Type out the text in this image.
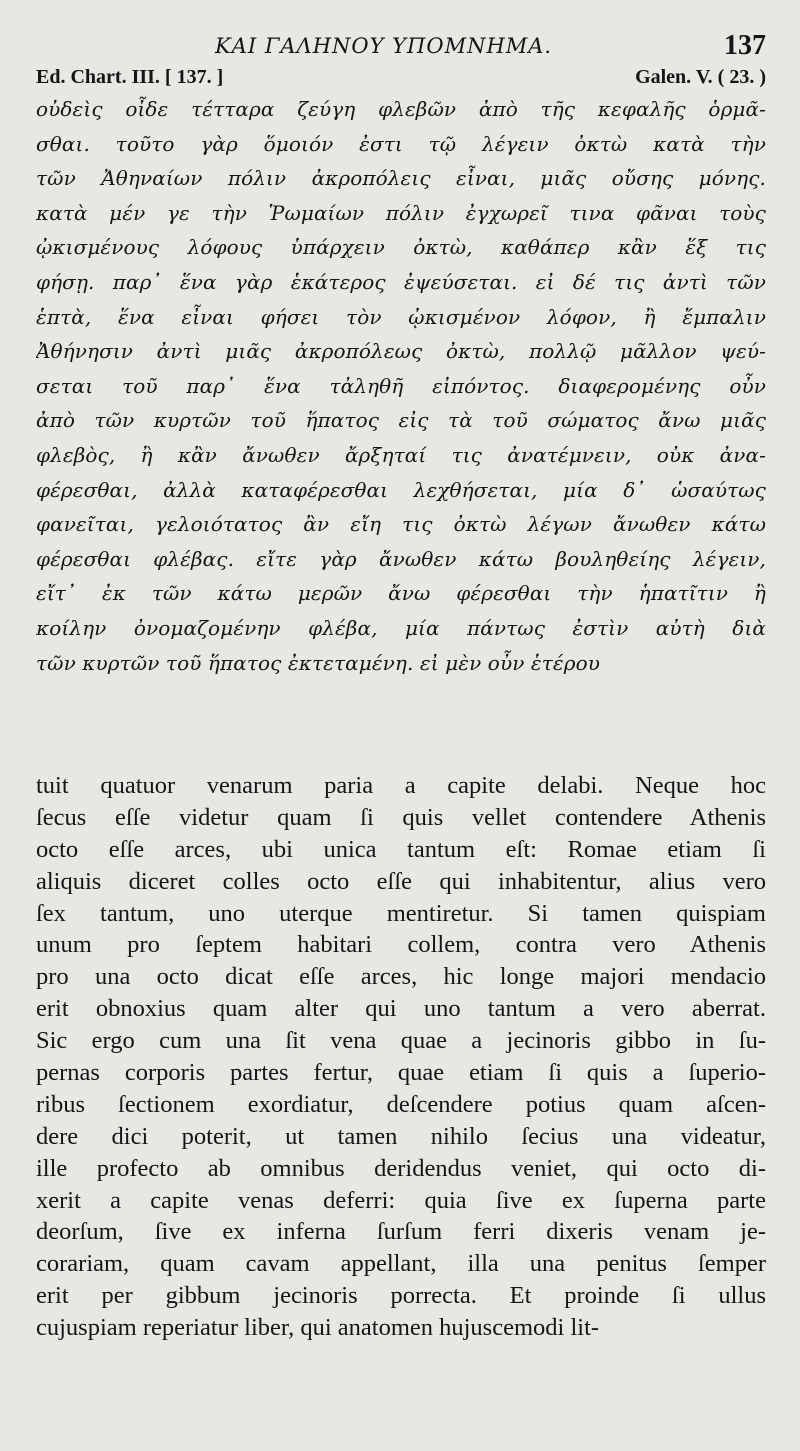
ΚΑΙ ΓΑΛΗΝΟΥ ΥΠΟΜΝΗΜΑ.	137
Ed. Chart. III. [ 137. ]	Galen. V. ( 23. )
οὐδεὶς οἶδε τέτταρα ζεύγη φλεβῶν ἀπὸ τῆς κεφαλῆς ὁρμᾶ-
σθαι. τοῦτο γὰρ ὅμοιόν ἐστι τῷ λέγειν ὀκτὼ κατὰ τὴν
τῶν Ἀθηναίων πόλιν ἀκροπόλεις εἶναι, μιᾶς οὔσης μόνης.
κατὰ μέν γε τὴν Ῥωμαίων πόλιν ἐγχωρεῖ τινα φᾶναι τοὺς
ᾠκισμένους λόφους ὑπάρχειν ὀκτὼ, καθάπερ κἂν ἕξ τις
φήσῃ. παρ᾽ ἕνα γὰρ ἑκάτερος ἐψεύσεται. εἰ δέ τις ἀντὶ τῶν
ἑπτὰ, ἕνα εἶναι φήσει τὸν ᾠκισμένον λόφον, ἢ ἔμπαλιν
Ἀθήνησιν ἀντὶ μιᾶς ἀκροπόλεως ὀκτὼ, πολλῷ μᾶλλον ψεύ-
σεται τοῦ παρ᾽ ἕνα τἀληθῆ εἰπόντος. διαφερομένης οὖν
ἀπὸ τῶν κυρτῶν τοῦ ἥπατος εἰς τὰ τοῦ σώματος ἄνω μιᾶς
φλεβὸς, ἢ κἂν ἄνωθεν ἄρξηταί τις ἀνατέμνειν, οὐκ ἀνα-
φέρεσθαι, ἀλλὰ καταφέρεσθαι λεχθήσεται, μία δ᾽ ὡσαύτως
φανεῖται, γελοιότατος ἂν εἴη τις ὀκτὼ λέγων ἄνωθεν κάτω
φέρεσθαι φλέβας. εἴτε γὰρ ἄνωθεν κάτω βουληθείης λέγειν,
εἴτ᾽ ἐκ τῶν κάτω μερῶν ἄνω φέρεσθαι τὴν ἡπατῖτιν ἢ
κοίλην ὀνομαζομένην φλέβα, μία πάντως ἐστὶν αὐτὴ διὰ
τῶν κυρτῶν τοῦ ἥπατος ἐκτεταμένη. εἰ μὲν οὖν ἑτέρου
tuit quatuor venarum paria a capite delabi. Neque hoc
ſecus eſſe videtur quam ſi quis vellet contendere Athenis
octo eſſe arces, ubi unica tantum eſt: Romae etiam ſi
aliquis diceret colles octo eſſe qui inhabitentur, alius vero
ſex tantum, uno uterque mentiretur. Si tamen quispiam
unum pro ſeptem habitari collem, contra vero Athenis
pro una octo dicat eſſe arces, hic longe majori mendacio
erit obnoxius quam alter qui uno tantum a vero aberrat.
Sic ergo cum una ſit vena quae a jecinoris gibbo in ſu-
pernas corporis partes fertur, quae etiam ſi quis a ſuperio-
ribus ſectionem exordiatur, deſcendere potius quam aſcen-
dere dici poterit, ut tamen nihilo ſecius una videatur,
ille profecto ab omnibus deridendus veniet, qui octo di-
xerit a capite venas deferri: quia ſive ex ſuperna parte
deorſum, ſive ex inferna ſurſum ferri dixeris venam je-
corariam, quam cavam appellant, illa una penitus ſemper
erit per gibbum jecinoris porrecta. Et proinde ſi ullus
cujuspiam reperiatur liber, qui anatomen hujuscemodi lit-
